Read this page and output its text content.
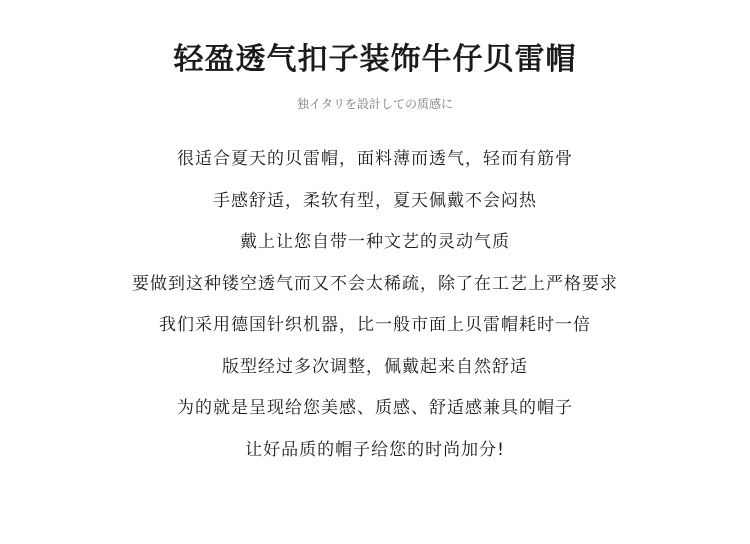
轻盈透气扣子装饰牛仔贝雷帽

独イタリを設計しての质感に

很适合夏天的贝雷帽，面料薄而透气，轻而有筋骨
手感舒适，柔软有型，夏天佩戴不会闷热
戴上让您自带一种文艺的灵动气质
要做到这种镂空透气而又不会太稀疏，除了在工艺上严格要求
我们采用德国针织机器，比一般市面上贝雷帽耗时一倍
版型经过多次调整，佩戴起来自然舒适
为的就是呈现给您美感、质感、舒适感兼具的帽子
让好品质的帽子给您的时尚加分!
